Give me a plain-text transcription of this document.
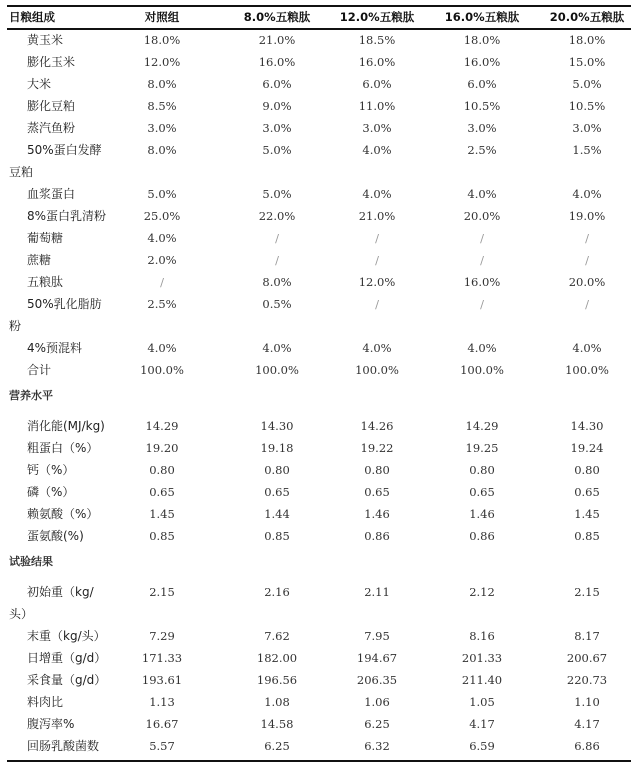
日粮组成	对照组	8.0%五粮肽	12.0%五粮肽	16.0%五粮肽	20.0%五粮肽
黄玉米	18.0%	21.0%	18.5%	18.0%	18.0%
膨化玉米	12.0%	16.0%	16.0%	16.0%	15.0%
大米	8.0%	6.0%	6.0%	6.0%	5.0%
膨化豆粕	8.5%	9.0%	11.0%	10.5%	10.5%
蒸汽鱼粉	3.0%	3.0%	3.0%	3.0%	3.0%
50%蛋白发酵	8.0%	5.0%	4.0%	2.5%	1.5%
豆粕
血浆蛋白	5.0%	5.0%	4.0%	4.0%	4.0%
8%蛋白乳清粉	25.0%	22.0%	21.0%	20.0%	19.0%
葡萄糖	4.0%	/	/	/	/
蔗糖	2.0%	/	/	/	/
五粮肽	/	8.0%	12.0%	16.0%	20.0%
50%乳化脂肪	2.5%	0.5%	/	/	/
粉
4%预混料	4.0%	4.0%	4.0%	4.0%	4.0%
合计	100.0%	100.0%	100.0%	100.0%	100.0%
营养水平
消化能(MJ/kg)	14.29	14.30	14.26	14.29	14.30
粗蛋白（%）	19.20	19.18	19.22	19.25	19.24
钙（%）	0.80	0.80	0.80	0.80	0.80
磷（%）	0.65	0.65	0.65	0.65	0.65
赖氨酸（%）	1.45	1.44	1.46	1.46	1.45
蛋氨酸(%)	0.85	0.85	0.86	0.86	0.85
试验结果
初始重（kg/	2.15	2.16	2.11	2.12	2.15
头）
末重（kg/头）	7.29	7.62	7.95	8.16	8.17
日增重（g/d）	171.33	182.00	194.67	201.33	200.67
采食量（g/d）	193.61	196.56	206.35	211.40	220.73
料肉比	1.13	1.08	1.06	1.05	1.10
腹泻率%	16.67	14.58	6.25	4.17	4.17
回肠乳酸菌数	5.57	6.25	6.32	6.59	6.86
